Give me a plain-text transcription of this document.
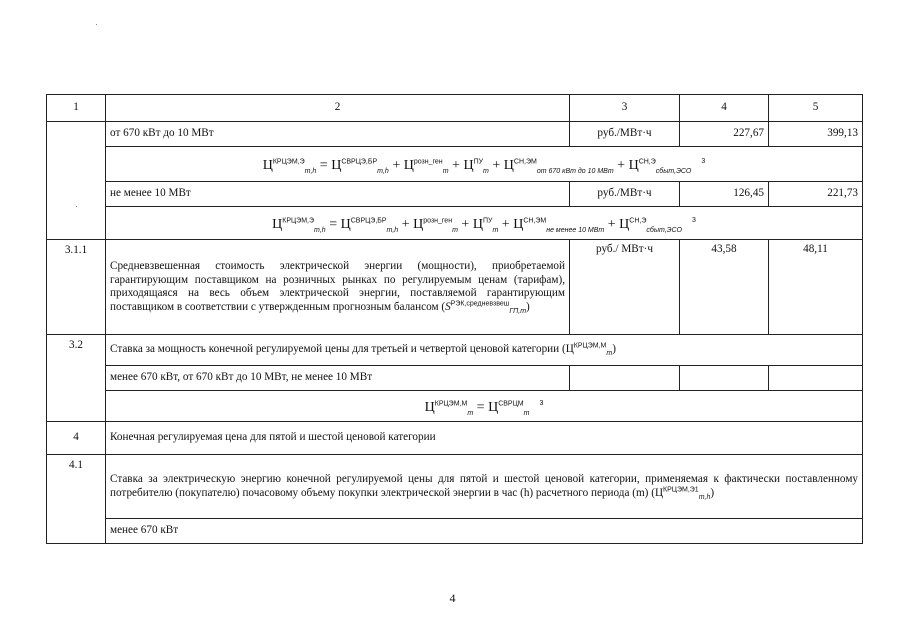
1	2	3	4	5
	от 670 кВт до 10 МВт	руб./МВт·ч	227,67	399,13
	$Ц^{КРЦЭМ,Э}_{m,h} = Ц^{СВРЦЭ,БР}_{m,h} + Ц^{розн\_ген}_m + Ц^{ПУ}_m + Ц^{СН,ЭМ}_{от 670 кВт до 10 МВт} + Ц^{СН,Э}_{сбыт,ЭСО}^3$
	не менее 10 МВт	руб./МВт·ч	126,45	221,73
	$Ц^{КРЦЭМ,Э}_{m,h} = Ц^{СВРЦЭ,БР}_{m,h} + Ц^{розн\_ген}_m + Ц^{ПУ}_m + Ц^{СН,ЭМ}_{не менее 10 МВт} + Ц^{СН,Э}_{сбыт,ЭСО}^3$
3.1.1	Средневзвешенная стоимость электрической энергии (мощности), приобретаемой гарантирующим поставщиком на розничных рынках по регулируемым ценам (тарифам), приходящаяся на весь объем электрической энергии, поставляемой гарантирующим поставщиком в соответствии с утвержденным прогнозным балансом $(S^{РЭК,средневзвеш}_{ГП,m})$	руб./ МВт·ч	43,58	48,11
3.2	Ставка за мощность конечной регулируемой цены для третьей и четвертой ценовой категории $(Ц^{КРЦЭМ,М}_m)$			
	менее 670 кВт, от 670 кВт до 10 МВт, не менее 10 МВт			
	$Ц^{КРЦЭМ,М}_m = Ц^{СВРЦМ}_m^3$
4	Конечная регулируемая цена для пятой и шестой ценовой категории			
4.1	Ставка за электрическую энергию конечной регулируемой цены для пятой и шестой ценовой категории, применяемая к фактически поставленному потребителю (покупателю) почасовому объему покупки электрической энергии в час (h) расчетного периода (m) $(Ц^{КРЦЭМ,Э1}_{m,h})$			
	менее 670 кВт			
4
